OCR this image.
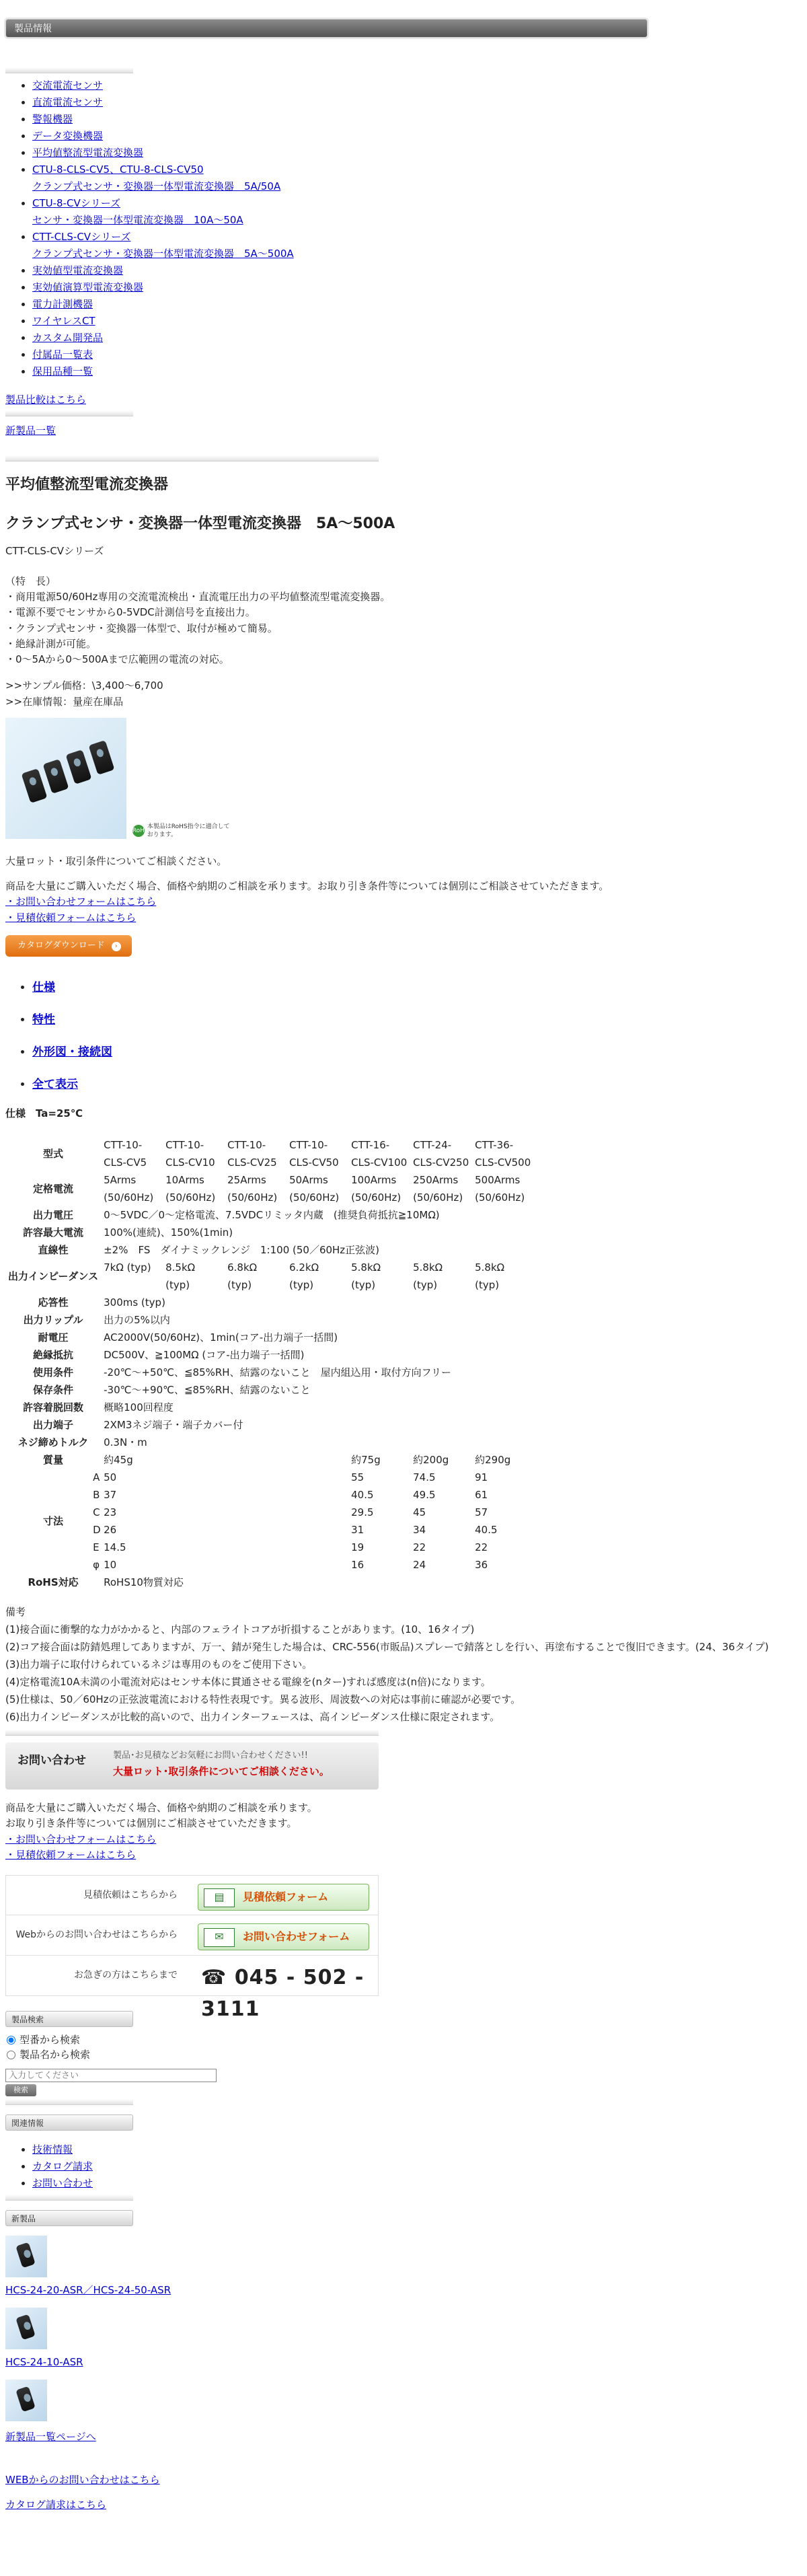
製品情報
• 交流電流センサ
• 直流電流センサ
• 警報機器
• データ変換機器
• 平均値整流型電流変換器
• CTU-8-CLS-CV5、CTU-8-CLS-CV50
クランプ式センサ・変換器一体型電流変換器　5A/50A
• CTU-8-CVシリーズ
センサ・変換器一体型電流変換器　10A～50A
• CTT-CLS-CVシリーズ
クランプ式センサ・変換器一体型電流変換器　5A～500A
• 実効値型電流変換器
• 実効値演算型電流変換器
• 電力計測機器
• ワイヤレスCT
• カスタム開発品
• 付属品一覧表
• 保用品種一覧
製品比較はこちら
新製品一覧
平均値整流型電流変換器
クランプ式センサ・変換器一体型電流変換器　5A～500A

CTT-CLS-CVシリーズ

（特　長）

・商用電源50/60Hz専用の交流電流検出・直流電圧出力の平均値整流型電流変換器。

・電源不要でセンサから0-5VDC計測信号を直接出力。

・クランプ式センサ・変換器一体型で、取付が極めて簡易。

・絶縁計測が可能。

・0～5Aから0～500Aまで広範囲の電流の対応。

>>サンプル価格：\3,400～6,700

>>在庫情報：量産在庫品

RoHS本製品はRoHS指令に適合して
おります。

大量ロット・取引条件についてご相談ください。

商品を大量にご購入いただく場合、価格や納期のご相談を承ります。お取り引き条件等については個別にご相談させていただきます。

・お問い合わせフォームはこちら

・見積依頼フォームはこちら

カタログダウンロード ›
• 仕様
• 特性
• 外形図・接続図
• 全て表示

仕様　Ta=25℃

型式	CTT-10-CLS-CV5	CTT-10-CLS-CV10	CTT-10-CLS-CV25	CTT-10-CLS-CV50	CTT-16-CLS-CV100	CTT-24-CLS-CV250	CTT-36-CLS-CV500
定格電流	5Arms (50/60Hz)	10Arms (50/60Hz)	25Arms (50/60Hz)	50Arms (50/60Hz)	100Arms (50/60Hz)	250Arms (50/60Hz)	500Arms (50/60Hz)
出力電圧	0～5VDC／0～定格電流、7.5VDCリミッタ内蔵　(推奨負荷抵抗≧10MΩ)						
許容最大電流	100%(連続)、150%(1min)						
直線性	±2%　FS　ダイナミックレンジ　1:100 (50／60Hz正弦波)						
出力インピーダンス	7kΩ (typ)	8.5kΩ (typ)	6.8kΩ (typ)	6.2kΩ (typ)	5.8kΩ (typ)	5.8kΩ (typ)	5.8kΩ (typ)
応答性	300ms (typ)						
出力リップル	出力の5%以内						
耐電圧	AC2000V(50/60Hz)、1min(コア-出力端子一括間)						
絶縁抵抗	DC500V、≧100MΩ (コア-出力端子一括間)						
使用条件	-20℃～+50℃、≦85%RH、結露のないこと　屋内組込用・取付方向フリー						
保存条件	-30℃～+90℃、≦85%RH、結露のないこと						
許容着脱回数	概略100回程度						
出力端子	2XM3ネジ端子・端子カバー付						
ネジ締めトルク	0.3N・m						
質量	約45g				約75g	約200g	約290g
寸法	A 50				55	74.5	91
	B 37				40.5	49.5	61
	C 23				29.5	45	57
	D 26				31	34	40.5
	E 14.5				19	22	22
	φ 10				16	24	36
RoHS対応	RoHS10物質対応						

備考

(1)接合面に衝撃的な力がかかると、内部のフェライトコアが折損することがあります。(10、16タイプ)

(2)コア接合面は防錆処理してありますが、万一、錆が発生した場合は、CRC-556(市販品)スプレーで錆落としを行い、再塗布することで復旧できます。(24、36タイプ)

(3)出力端子に取付けられているネジは専用のものをご使用下さい。

(4)定格電流10A未満の小電流対応はセンサ本体に貫通させる電線を(nター)すれば感度は(n倍)になります。

(5)仕様は、50／60Hzの正弦波電流における特性表現です。異る波形、周波数への対応は事前に確認が必要です。

(6)出力インピーダンスが比較的高いので、出力インターフェースは、高インピーダンス仕様に限定されます。

お問い合わせ	製品･お見積などお気軽にお問い合わせください!!
大量ロット･取引条件についてご相談ください。

商品を大量にご購入いただく場合、価格や納期のご相談を承ります。

お取り引き条件等については個別にご相談させていただきます。

・お問い合わせフォームはこちら

・見積依頼フォームはこちら

見積依頼はこちらから	▤	見積依頼フォーム
Webからのお問い合わせはこちらから	✉	お問い合わせフォーム
お急ぎの方はこちらまで ☎ 045 - 502 - 3111
製品検索
型番から検索
製品名から検索
入力してください
検索
関連情報
• 技術情報
• カタログ請求
• お問い合わせ
新製品

HCS-24-20-ASR／HCS-24-50-ASR

HCS-24-10-ASR

新製品一覧ページへ

WEBからのお問い合わせはこちら

カタログ請求はこちら
